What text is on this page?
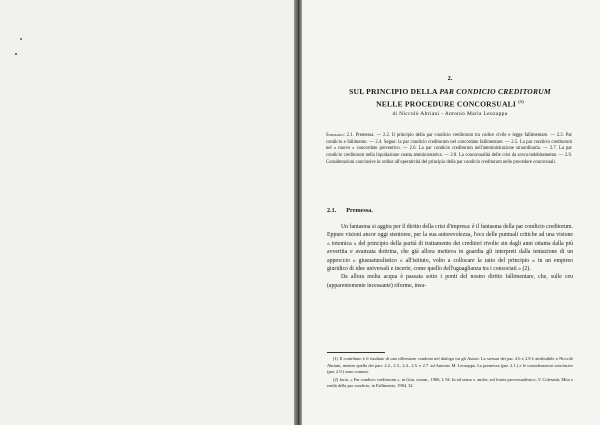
2.
SUL PRINCIPIO DELLA PAR CONDICIO CREDITORUM
NELLE PROCEDURE CONCORSUALI $^{(1)}$
di Niccolò Abriani - Antonio Maria Leozappa

Sommario: 2.1. Premessa. — 2.2. Il principio della par condicio creditorum tra codice civile e legge fallimentare. — 2.3. Par condicio e fallimento. — 2.4. Segue: la par condicio creditorum nel concordato fallimentare. — 2.5. La par condicio creditorum nel « nuovo » concordato preventivo. — 2.6. La par condicio creditorum nell'amministrazione straordinaria. — 2.7. La par condicio creditorum nella liquidazione coatta amministrativa. — 2.8. La concorsualità delle crisi da sovra-indebitamento. — 2.9. Considerazioni conclusive in ordine all'operatività del principio della par condicio creditorum nelle procedure concorsuali.

2.1. Premessa.

Un fantasma si aggira per il diritto della crisi d'impresa: è il fantasma della par condicio creditorum. Eppure visioni ancor oggi stentoree, per la sua autorevolezza, l'eco delle puntuali critiche ad una visione « totemica » del principio della parità di trattamento dei creditori rivolte sin dagli anni ottanta dalla più avvertita e avanzata dottrina, che già allora metteva in guardia gli interpreti dalla tentazione di un approccio « giusnaturalistico » all'istituto, volto a collocare la ratio del principio « in un empireo giuridico di idee universali e incerte, come quello dell'uguaglianza tra i consociati » (2).

Da allora molta acqua è passata sotto i ponti del nostro diritto fallimentare, che, sulle ceu (apparentemente incessante) riforme, insu-

(1) Il contributo è il risultato di una riflessione condotta nel dialogo tra gli Autori. La stesura dei par. 2.6 e 2.8 è attribuibile a Niccolò Abriani, mentre quella dei parr. 2.2., 2.3., 2.4., 2.5. e 2.7. ad Antonio M. Leozappa. La premessa (par. 2.1.) e le considerazioni conclusive (par. 2.9.) sono comuni.

(2) Jorio, « Par condicio creditorum », in Giur. comm., 1986, I, 94. In tal senso v. anche, sul fronte processualistico, V. Colesanti, Mito e realtà della par condicio, in Fallimento, 1984, 32.
